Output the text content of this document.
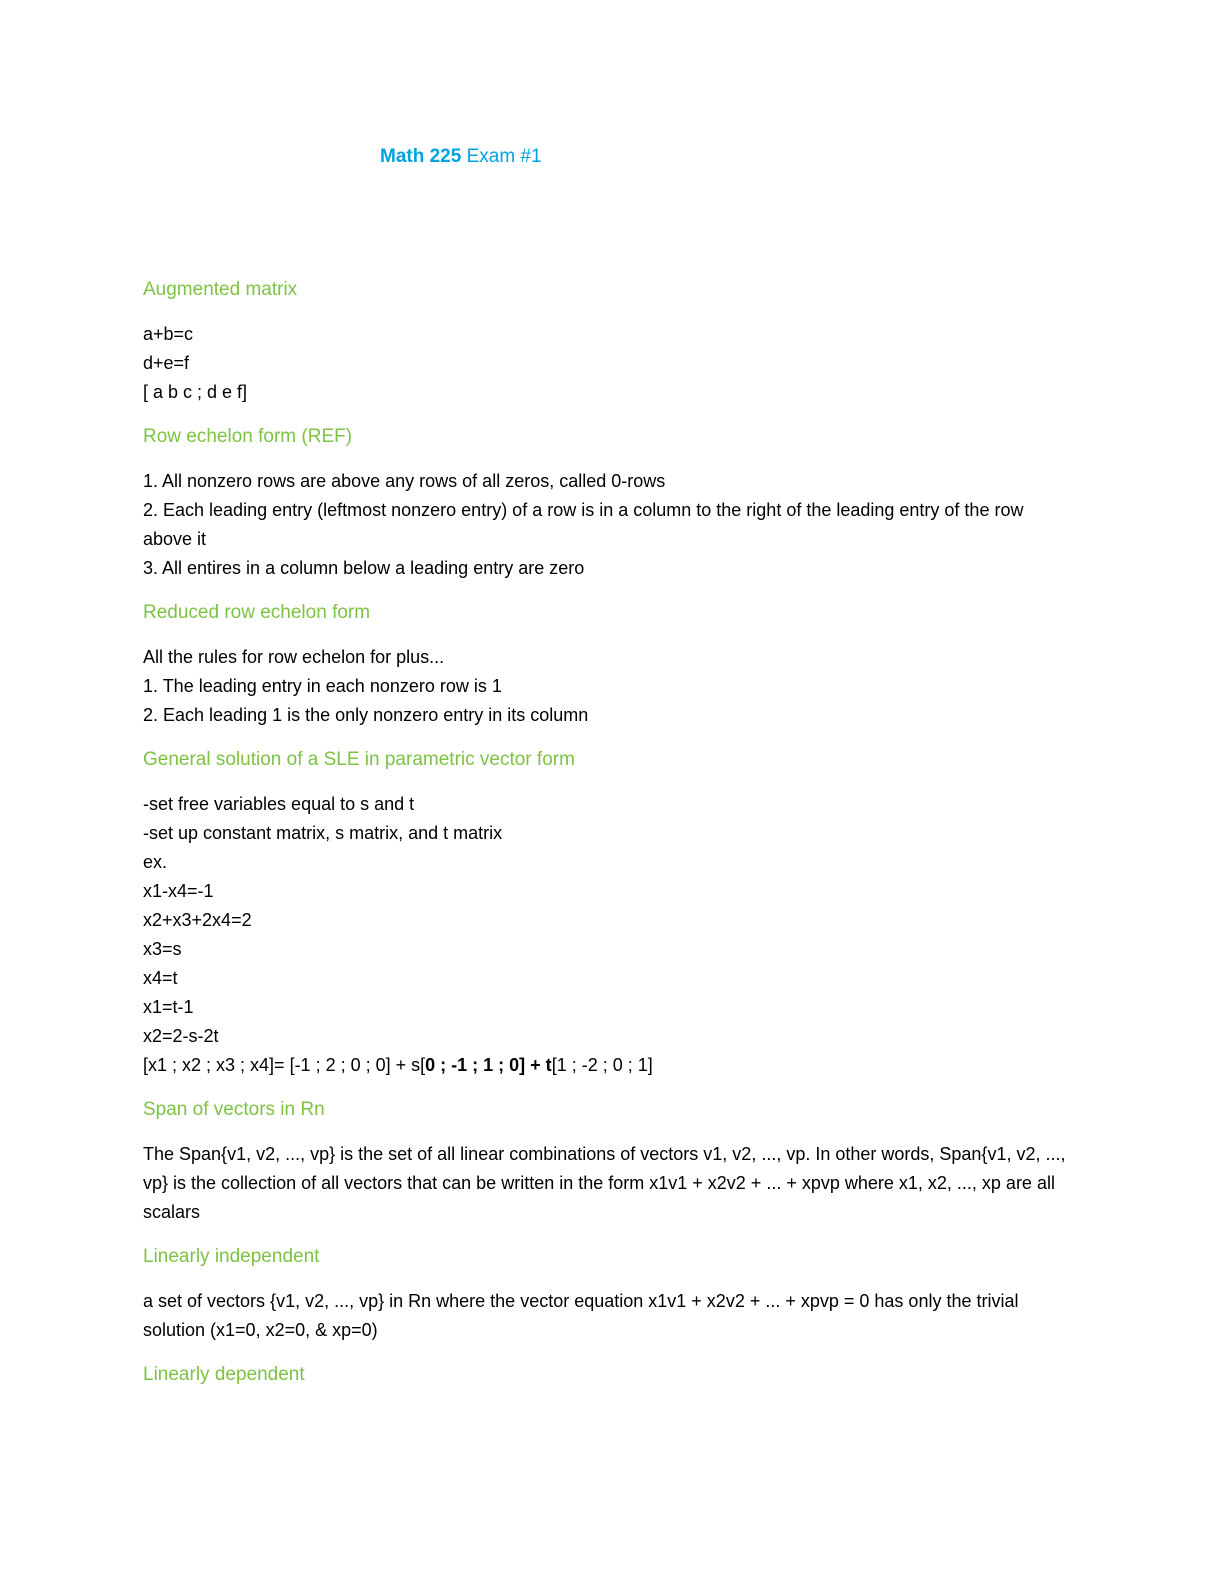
Math 225 Exam #1
Augmented matrix

a+b=c

d+e=f

[ a b c ; d e f]

Row echelon form (REF)

1. All nonzero rows are above any rows of all zeros, called 0-rows

2. Each leading entry (leftmost nonzero entry) of a row is in a column to the right of the leading entry of the row above it

3. All entires in a column below a leading entry are zero

Reduced row echelon form

All the rules for row echelon for plus...

1. The leading entry in each nonzero row is 1

2. Each leading 1 is the only nonzero entry in its column

General solution of a SLE in parametric vector form

-set free variables equal to s and t

-set up constant matrix, s matrix, and t matrix

ex.

x1-x4=-1

x2+x3+2x4=2

x3=s

x4=t

x1=t-1

x2=2-s-2t

[x1 ; x2 ; x3 ; x4]= [-1 ; 2 ; 0 ; 0] + s[0 ; -1 ; 1 ; 0] + t[1 ; -2 ; 0 ; 1]

Span of vectors in Rn

The Span{v1, v2, ..., vp} is the set of all linear combinations of vectors v1, v2, ..., vp. In other words, Span{v1, v2, ..., vp} is the collection of all vectors that can be written in the form x1v1 + x2v2 + ... + xpvp where x1, x2, ..., xp are all scalars

Linearly independent

a set of vectors {v1, v2, ..., vp} in Rn where the vector equation x1v1 + x2v2 + ... + xpvp = 0 has only the trivial solution (x1=0, x2=0, & xp=0)

Linearly dependent
